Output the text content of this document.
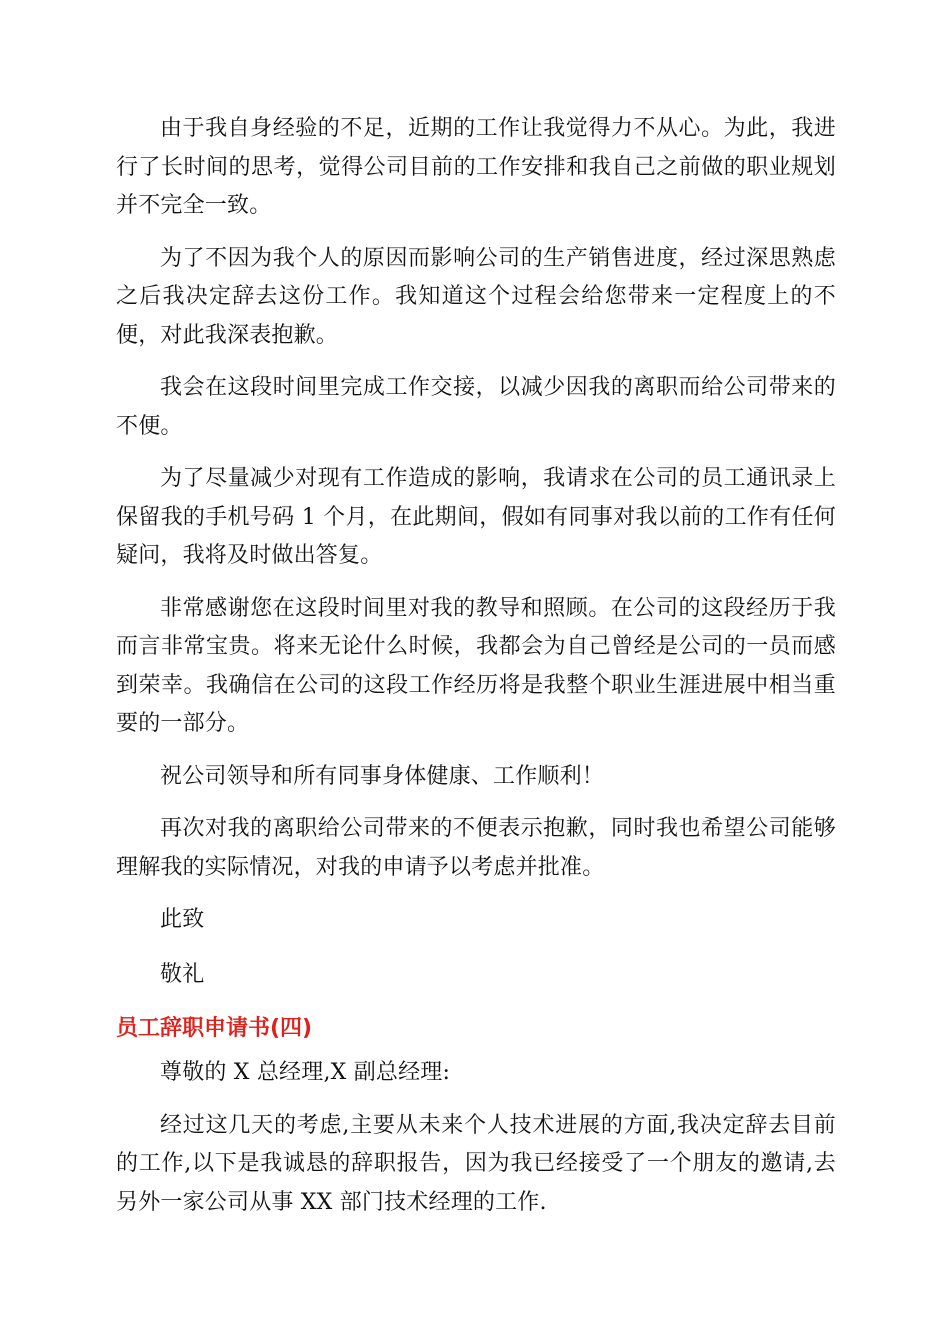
由于我自身经验的不足，近期的工作让我觉得力不从心。为此，我进行了长时间的思考，觉得公司目前的工作安排和我自己之前做的职业规划并不完全一致。

为了不因为我个人的原因而影响公司的生产销售进度，经过深思熟虑之后我决定辞去这份工作。我知道这个过程会给您带来一定程度上的不便，对此我深表抱歉。

我会在这段时间里完成工作交接，以减少因我的离职而给公司带来的不便。

为了尽量减少对现有工作造成的影响，我请求在公司的员工通讯录上保留我的手机号码 1 个月，在此期间，假如有同事对我以前的工作有任何疑问，我将及时做出答复。

非常感谢您在这段时间里对我的教导和照顾。在公司的这段经历于我而言非常宝贵。将来无论什么时候，我都会为自己曾经是公司的一员而感到荣幸。我确信在公司的这段工作经历将是我整个职业生涯进展中相当重要的一部分。

祝公司领导和所有同事身体健康、工作顺利！

再次对我的离职给公司带来的不便表示抱歉，同时我也希望公司能够理解我的实际情况，对我的申请予以考虑并批准。

此致

敬礼

员工辞职申请书(四)

尊敬的 X 总经理,X 副总经理:

经过这几天的考虑,主要从未来个人技术进展的方面,我决定辞去目前的工作,以下是我诚恳的辞职报告，因为我已经接受了一个朋友的邀请,去另外一家公司从事 XX 部门技术经理的工作.
